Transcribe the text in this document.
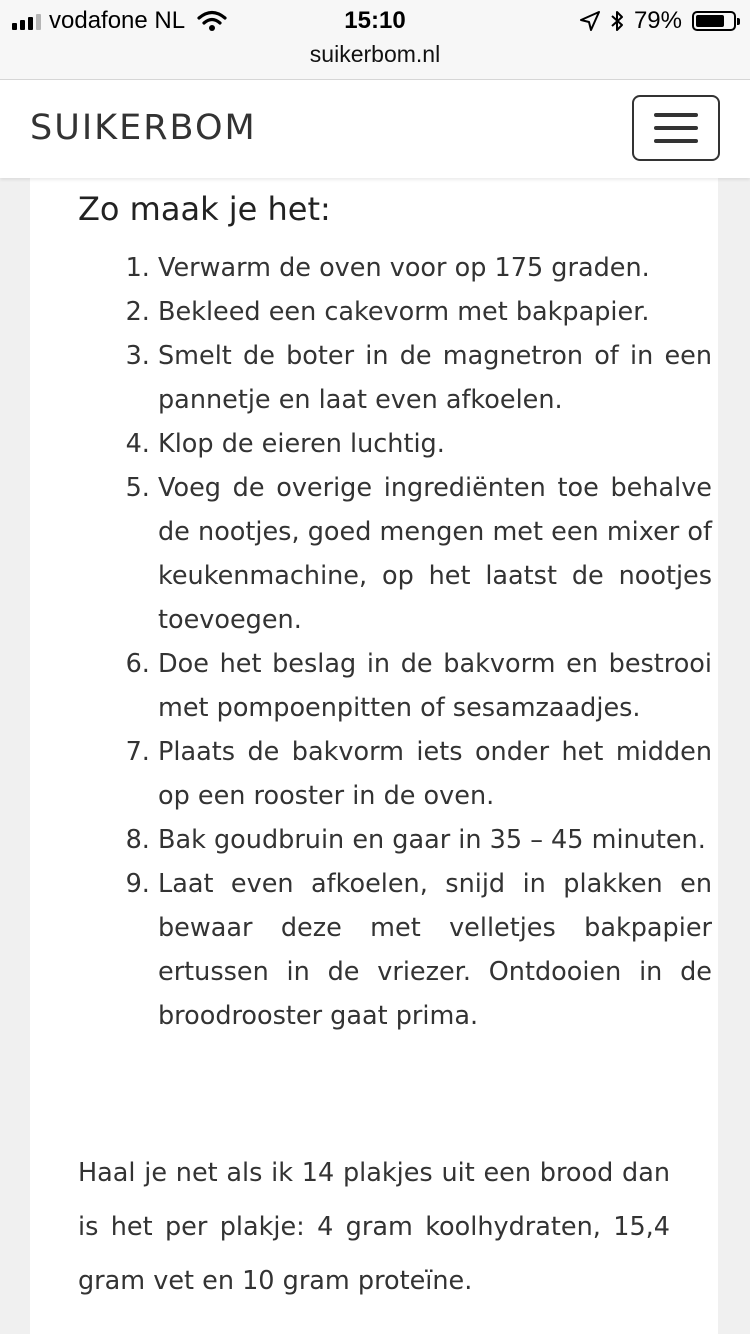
vodafone NL	15:10	79%
suikerbom.nl
SUIKERBOM
Zo maak je het:
1. Verwarm de oven voor op 175 graden.
2. Bekleed een cakevorm met bakpapier.
3. Smelt de boter in de magnetron of in een pannetje en laat even afkoelen.
4. Klop de eieren luchtig.
5. Voeg de overige ingrediënten toe behalve de nootjes, goed mengen met een mixer of keukenmachine, op het laatst de nootjes toevoegen.
6. Doe het beslag in de bakvorm en bestrooi met pompoenpitten of sesamzaadjes.
7. Plaats de bakvorm iets onder het midden op een rooster in de oven.
8. Bak goudbruin en gaar in 35 – 45 minuten.
9. Laat even afkoelen, snijd in plakken en bewaar deze met velletjes bakpapier ertussen in de vriezer. Ontdooien in de broodrooster gaat prima.

Haal je net als ik 14 plakjes uit een brood dan is het per plakje: 4 gram koolhydraten, 15,4 gram vet en 10 gram proteïne.
